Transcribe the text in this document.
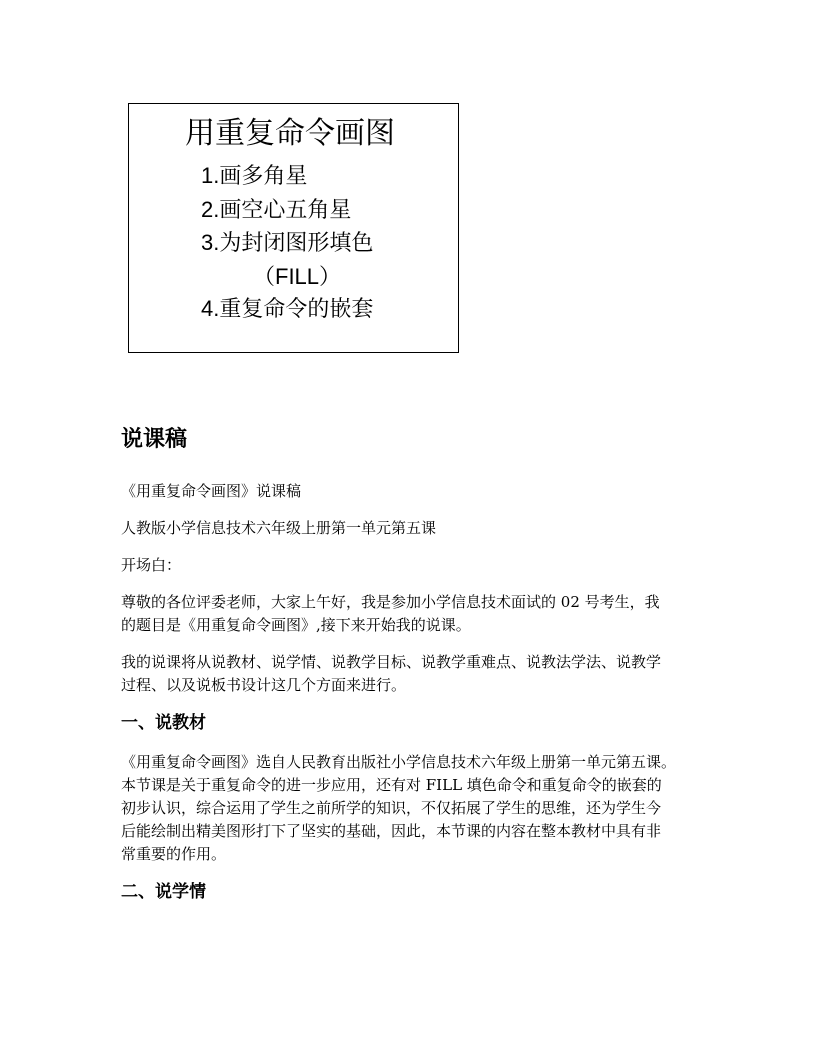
用重复命令画图
1.画多角星
2.画空心五角星
3.为封闭图形填色
（FILL）
4.重复命令的嵌套
说课稿

《用重复命令画图》说课稿

人教版小学信息技术六年级上册第一单元第五课

开场白：

尊敬的各位评委老师，大家上午好，我是参加小学信息技术面试的 02 号考生，我
的题目是《用重复命令画图》,接下来开始我的说课。

我的说课将从说教材、说学情、说教学目标、说教学重难点、说教法学法、说教学
过程、以及说板书设计这几个方面来进行。

一、说教材

《用重复命令画图》选自人民教育出版社小学信息技术六年级上册第一单元第五课。
本节课是关于重复命令的进一步应用，还有对 FILL 填色命令和重复命令的嵌套的
初步认识，综合运用了学生之前所学的知识，不仅拓展了学生的思维，还为学生今
后能绘制出精美图形打下了坚实的基础，因此，本节课的内容在整本教材中具有非
常重要的作用。

二、说学情
